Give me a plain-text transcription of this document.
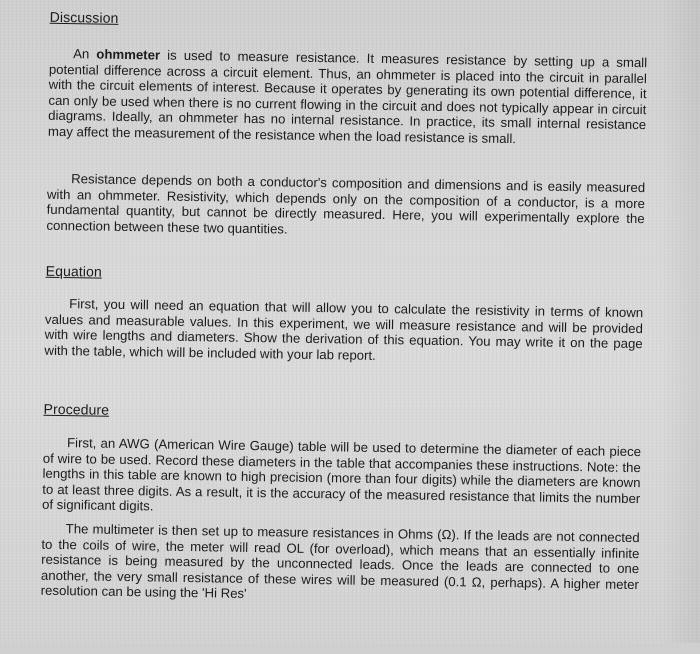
Discussion
An ohmmeter is used to measure resistance. It measures resistance by setting up a small potential difference across a circuit element. Thus, an ohmmeter is placed into the circuit in parallel with the circuit elements of interest. Because it operates by generating its own potential difference, it can only be used when there is no current flowing in the circuit and does not typically appear in circuit diagrams. Ideally, an ohmmeter has no internal resistance. In practice, its small internal resistance may affect the measurement of the resistance when the load resistance is small.
Resistance depends on both a conductor's composition and dimensions and is easily measured with an ohmmeter. Resistivity, which depends only on the composition of a conductor, is a more fundamental quantity, but cannot be directly measured. Here, you will experimentally explore the connection between these two quantities.
Equation
First, you will need an equation that will allow you to calculate the resistivity in terms of known values and measurable values. In this experiment, we will measure resistance and will be provided with wire lengths and diameters. Show the derivation of this equation. You may write it on the page with the table, which will be included with your lab report.
Procedure
First, an AWG (American Wire Gauge) table will be used to determine the diameter of each piece of wire to be used. Record these diameters in the table that accompanies these instructions. Note: the lengths in this table are known to high precision (more than four digits) while the diameters are known to at least three digits. As a result, it is the accuracy of the measured resistance that limits the number of significant digits.
The multimeter is then set up to measure resistances in Ohms (Ω). If the leads are not connected to the coils of wire, the meter will read OL (for overload), which means that an essentially infinite resistance is being measured by the unconnected leads. Once the leads are connected to one another, the very small resistance of these wires will be measured (0.1 Ω, perhaps). A higher meter resolution can be using the 'Hi Res'
